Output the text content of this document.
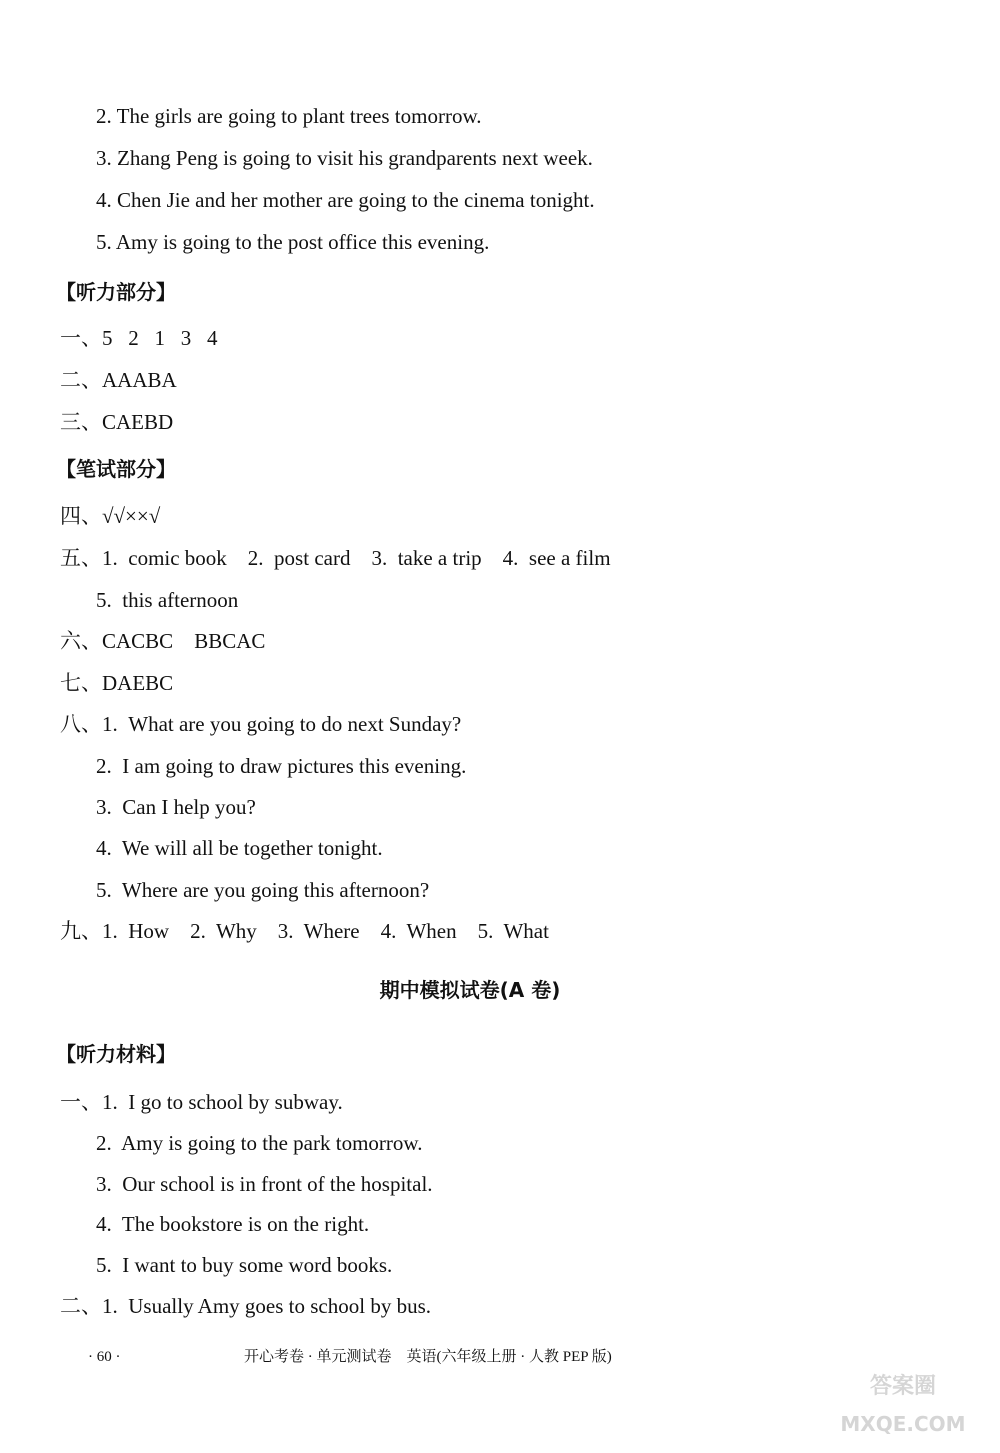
2. The girls are going to plant trees tomorrow.
3. Zhang Peng is going to visit his grandparents next week.
4. Chen Jie and her mother are going to the cinema tonight.
5. Amy is going to the post office this evening.
【听力部分】
一、5   2   1   3   4
二、AAABA
三、CAEBD
【笔试部分】
四、√√××√
五、1.  comic book    2.  post card    3.  take a trip    4.  see a film
5.  this afternoon
六、CACBC    BBCAC
七、DAEBC
八、1.  What are you going to do next Sunday?
2.  I am going to draw pictures this evening.
3.  Can I help you?
4.  We will all be together tonight.
5.  Where are you going this afternoon?
九、1.  How    2.  Why    3.  Where    4.  When    5.  What
期中模拟试卷(A 卷)
【听力材料】
一、1.  I go to school by subway.
2.  Amy is going to the park tomorrow.
3.  Our school is in front of the hospital.
4.  The bookstore is on the right.
5.  I want to buy some word books.
二、1.  Usually Amy goes to school by bus.
· 60 ·	开心考卷 · 单元测试卷    英语(六年级上册 · 人教 PEP 版)
答案圈
MXQE.COM
